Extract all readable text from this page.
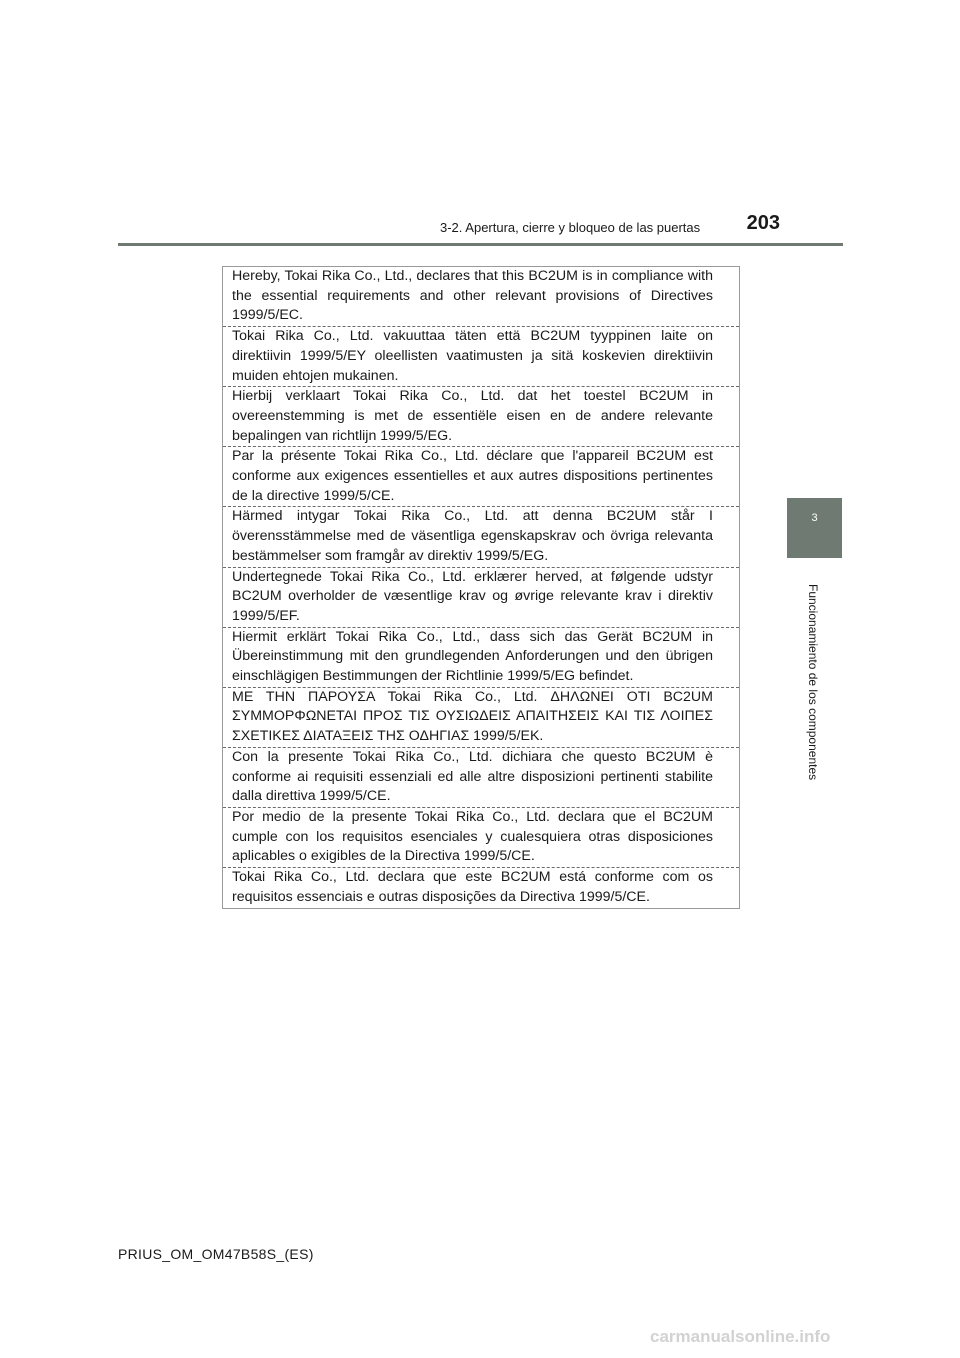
3-2. Apertura, cierre y bloqueo de las puertas	203
3
Funcionamiento de los componentes
Hereby, Tokai Rika Co., Ltd., declares that this BC2UM is in compliance with the essential requirements and other relevant provisions of Directives 1999/5/EC.
Tokai Rika Co., Ltd. vakuuttaa täten että BC2UM tyyppinen laite on direktiivin 1999/5/EY oleellisten vaatimusten ja sitä koskevien direktiivin muiden ehtojen mukainen.
Hierbij verklaart Tokai Rika Co., Ltd. dat het toestel BC2UM in overeenstemming is met de essentiële eisen en de andere relevante bepalingen van richtlijn 1999/5/EG.
Par la présente Tokai Rika Co., Ltd. déclare que l'appareil BC2UM est conforme aux exigences essentielles et aux autres dispositions pertinentes de la directive 1999/5/CE.
Härmed intygar Tokai Rika Co., Ltd. att denna BC2UM står I överensstämmelse med de väsentliga egenskapskrav och övriga relevanta bestämmelser som framgår av direktiv 1999/5/EG.
Undertegnede Tokai Rika Co., Ltd. erklærer herved, at følgende udstyr BC2UM overholder de væsentlige krav og øvrige relevante krav i direktiv 1999/5/EF.
Hiermit erklärt Tokai Rika Co., Ltd., dass sich das Gerät BC2UM in Übereinstimmung mit den grundlegenden Anforderungen und den übrigen einschlägigen Bestimmungen der Richtlinie 1999/5/EG befindet.
ΜΕ ΤΗΝ ΠΑΡΟΥΣΑ Tokai Rika Co., Ltd. ΔΗΛΩΝΕΙ ΟΤΙ BC2UM ΣΥΜΜΟΡΦΩΝΕΤΑΙ ΠΡΟΣ ΤΙΣ ΟΥΣΙΩΔΕΙΣ ΑΠΑΙΤΗΣΕΙΣ ΚΑΙ ΤΙΣ ΛΟΙΠΕΣ ΣΧΕΤΙΚΕΣ ΔΙΑΤΑΞΕΙΣ ΤΗΣ ΟΔΗΓΙΑΣ 1999/5/ΕΚ.
Con la presente Tokai Rika Co., Ltd. dichiara che questo BC2UM è conforme ai requisiti essenziali ed alle altre disposizioni pertinenti stabilite dalla direttiva 1999/5/CE.
Por medio de la presente Tokai Rika Co., Ltd. declara que el BC2UM cumple con los requisitos esenciales y cualesquiera otras disposiciones aplicables o exigibles de la Directiva 1999/5/CE.
Tokai Rika Co., Ltd. declara que este BC2UM está conforme com os requisitos essenciais e outras disposições da Directiva 1999/5/CE.
PRIUS_OM_OM47B58S_(ES)
carmanualsonline.info
